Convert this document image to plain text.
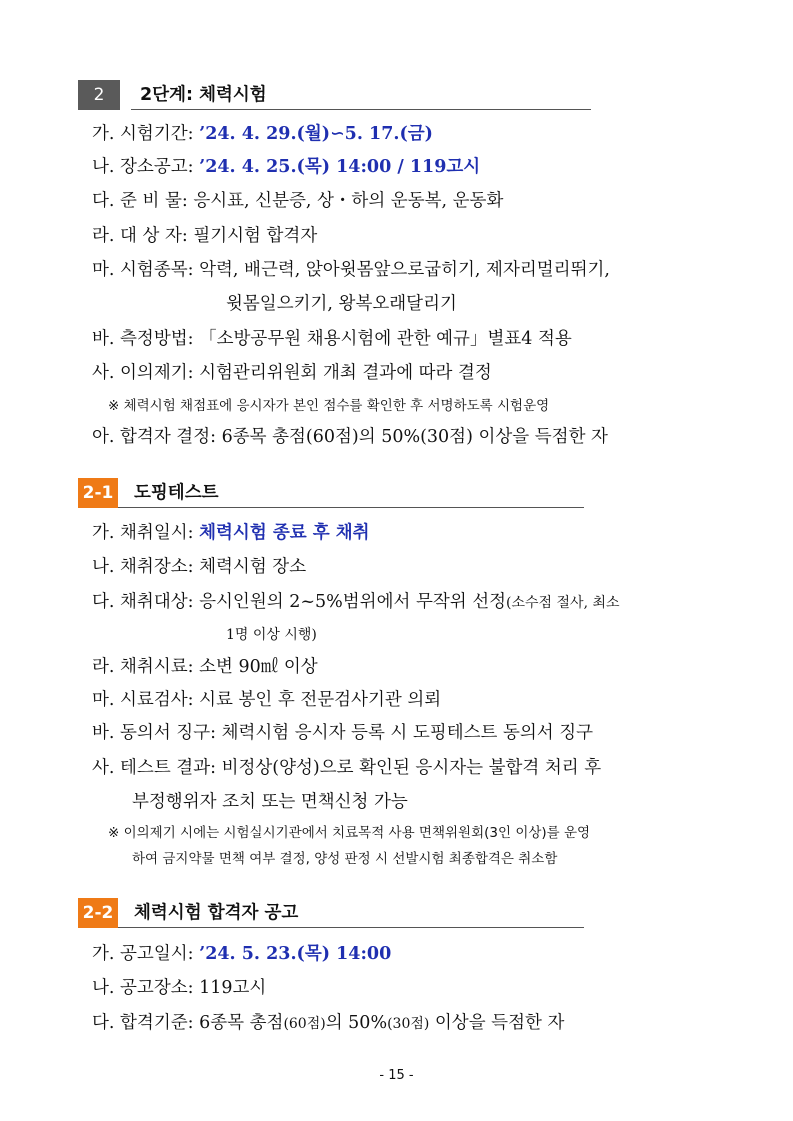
2	2단계: 체력시험
가. 시험기간: ’24. 4. 29.(월)∽5. 17.(금)
나. 장소공고: ’24. 4. 25.(목) 14:00 / 119고시
다. 준 비 물: 응시표, 신분증, 상・하의 운동복, 운동화
라. 대 상 자: 필기시험 합격자
마. 시험종목: 악력, 배근력, 앉아윗몸앞으로굽히기, 제자리멀리뛰기,
윗몸일으키기, 왕복오래달리기
바. 측정방법: 「소방공무원 채용시험에 관한 예규」별표4 적용
사. 이의제기: 시험관리위원회 개최 결과에 따라 결정
※ 체력시험 채점표에 응시자가 본인 점수를 확인한 후 서명하도록 시험운영
아. 합격자 결정: 6종목 총점(60점)의 50%(30점) 이상을 득점한 자
2-1 도핑테스트
가. 채취일시: 체력시험 종료 후 채취
나. 채취장소: 체력시험 장소
다. 채취대상: 응시인원의 2~5%범위에서 무작위 선정(소수점 절사, 최소
1명 이상 시행)
라. 채취시료: 소변 90㎖ 이상
마. 시료검사: 시료 봉인 후 전문검사기관 의뢰
바. 동의서 징구: 체력시험 응시자 등록 시 도핑테스트 동의서 징구
사. 테스트 결과: 비정상(양성)으로 확인된 응시자는 불합격 처리 후
부정행위자 조치 또는 면책신청 가능
※ 이의제기 시에는 시험실시기관에서 치료목적 사용 면책위원회(3인 이상)를 운영
하여 금지약물 면책 여부 결정, 양성 판정 시 선발시험 최종합격은 취소함
2-2 체력시험 합격자 공고
가. 공고일시: ’24. 5. 23.(목) 14:00
나. 공고장소: 119고시
다. 합격기준: 6종목 총점(60점)의 50%(30점) 이상을 득점한 자
- 15 -
